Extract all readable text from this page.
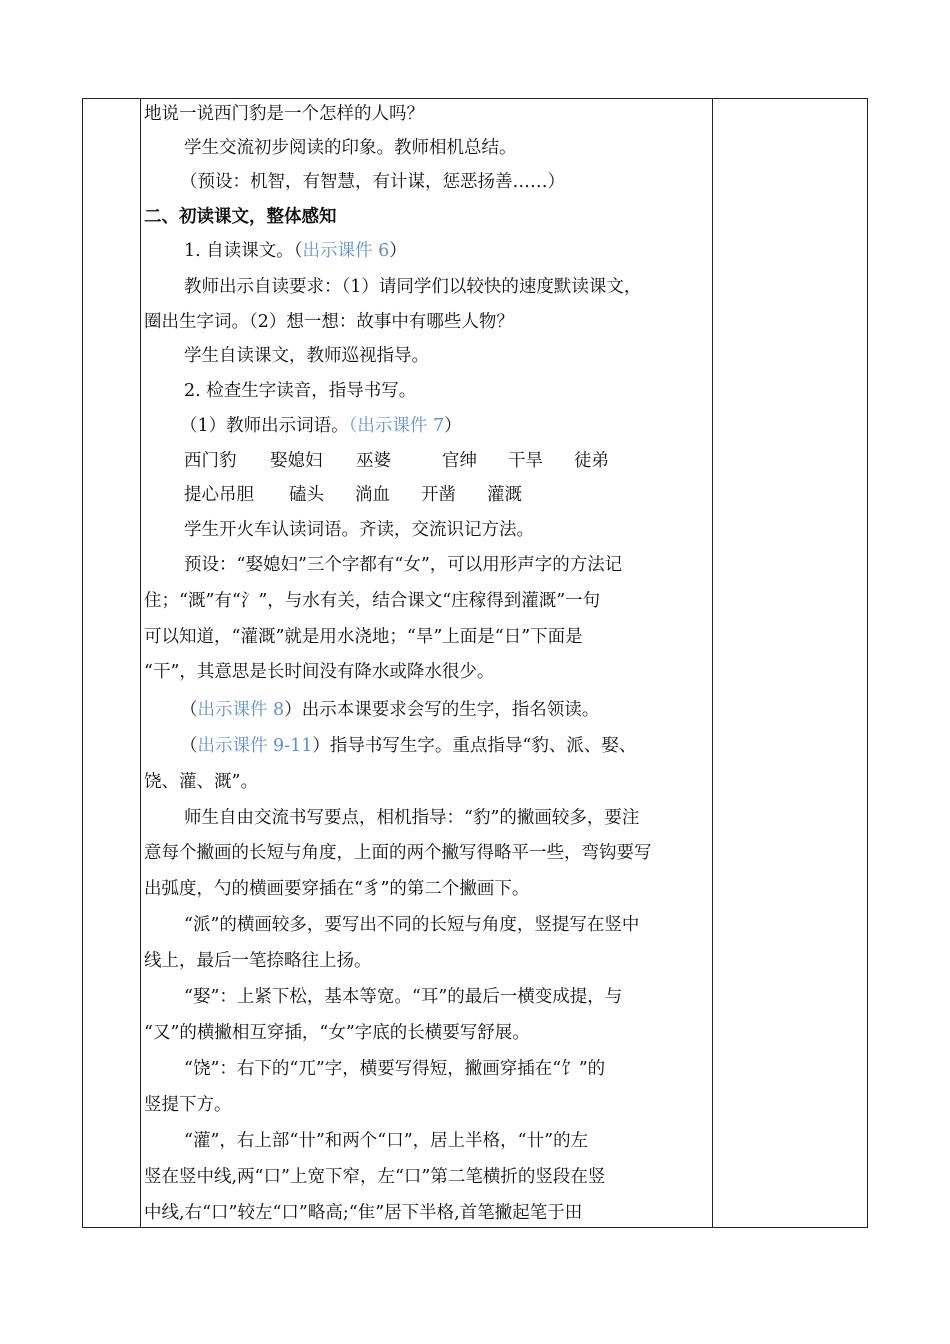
地说一说西门豹是一个怎样的人吗？
学生交流初步阅读的印象。教师相机总结。
（预设：机智，有智慧，有计谋，惩恶扬善……）
二、初读课文，整体感知
1. 自读课文。（出示课件 6）
教师出示自读要求：（1）请同学们以较快的速度默读课文，
圈出生字词。（2）想一想：故事中有哪些人物？
学生自读课文，教师巡视指导。
2. 检查生字读音，指导书写。
（1）教师出示词语。（出示课件 7）
西门豹 娶媳妇 巫婆	官绅 干旱 徒弟
提心吊胆 磕头 淌血 开凿 灌溉
学生开火车认读词语。齐读，交流识记方法。
预设：“娶媳妇”三个字都有“女”，可以用形声字的方法记
住；“溉”有“氵”，与水有关，结合课文“庄稼得到灌溉”一句
可以知道，“灌溉”就是用水浇地；“旱”上面是“日”下面是
“干”，其意思是长时间没有降水或降水很少。
（出示课件 8）出示本课要求会写的生字，指名领读。
（出示课件 9-11）指导书写生字。重点指导“豹、派、娶、
饶、灌、溉”。
师生自由交流书写要点，相机指导：“豹”的撇画较多，要注
意每个撇画的长短与角度，上面的两个撇写得略平一些，弯钩要写
出弧度，勺的横画要穿插在“豸”的第二个撇画下。
“派”的横画较多，要写出不同的长短与角度，竖提写在竖中
线上，最后一笔捺略往上扬。
“娶”：上紧下松，基本等宽。“耳”的最后一横变成提，与
“又”的横撇相互穿插，“女”字底的长横要写舒展。
“饶”：右下的“兀”字，横要写得短，撇画穿插在“饣”的
竖提下方。
“灌”，右上部“卄”和两个“口”，居上半格，“卄”的左
竖在竖中线,两“口”上宽下窄，左“口”第二笔横折的竖段在竖
中线,右“口”较左“口”略高;“隹”居下半格,首笔撇起笔于田
